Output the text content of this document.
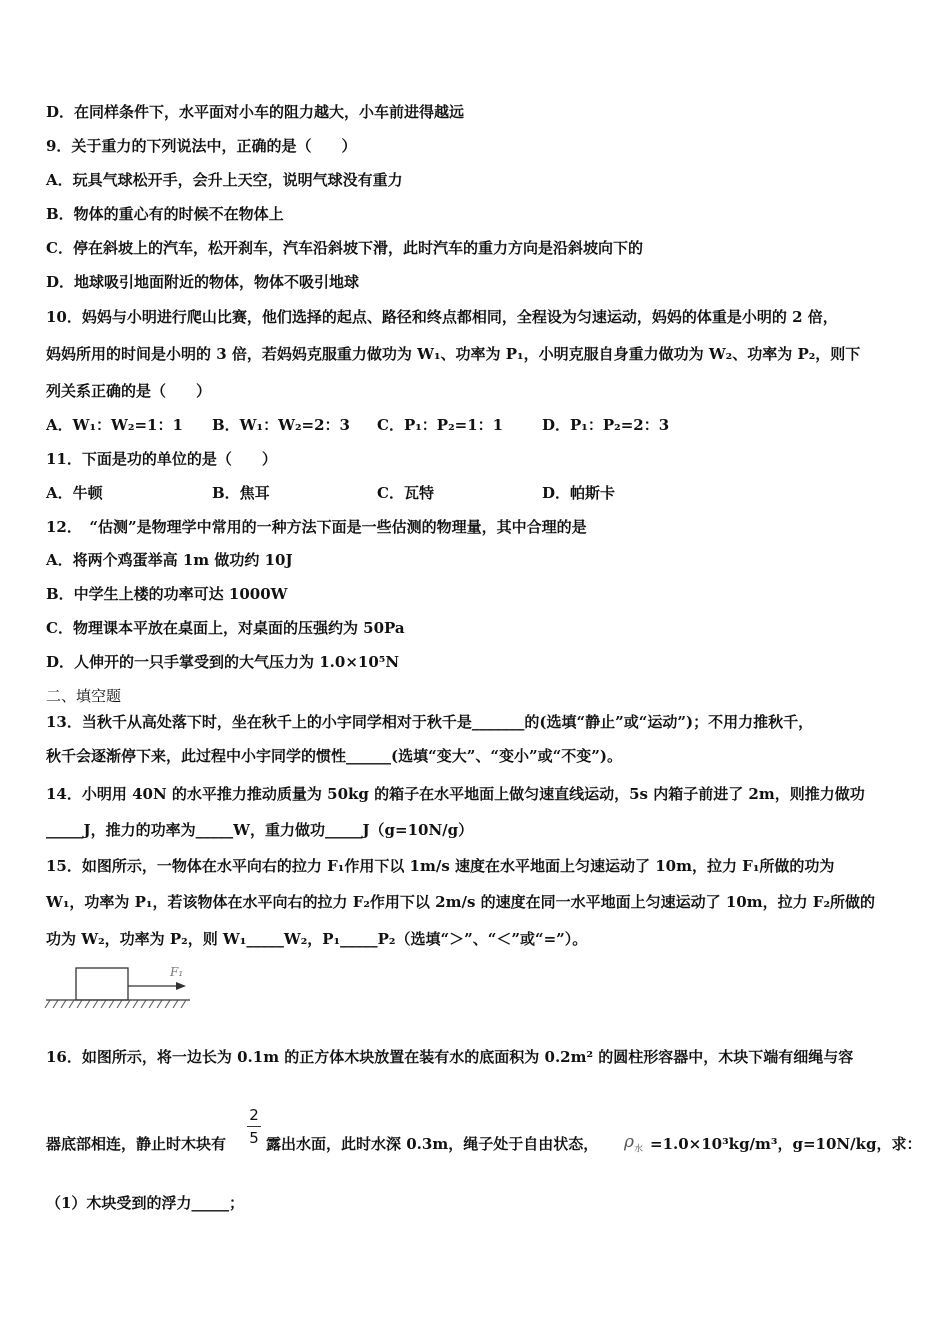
D．在同样条件下，水平面对小车的阻力越大，小车前进得越远
9．关于重力的下列说法中，正确的是（　　）
A．玩具气球松开手，会升上天空，说明气球没有重力
B．物体的重心有的时候不在物体上
C．停在斜坡上的汽车，松开刹车，汽车沿斜坡下滑，此时汽车的重力方向是沿斜坡向下的
D．地球吸引地面附近的物体，物体不吸引地球
10．妈妈与小明进行爬山比赛，他们选择的起点、路径和终点都相同，全程设为匀速运动，妈妈的体重是小明的 2 倍，
妈妈所用的时间是小明的 3 倍，若妈妈克服重力做功为 W₁、功率为 P₁，小明克服自身重力做功为 W₂、功率为 P₂，则下
列关系正确的是（　　）
A．W₁：W₂=1：1 B．W₁：W₂=2：3 C．P₁：P₂=1：1	D．P₁：P₂=2：3
11．下面是功的单位的是（　　）
A．牛顿	B．焦耳	C．瓦特	D．帕斯卡
12．　“估测”是物理学中常用的一种方法下面是一些估测的物理量，其中合理的是
A．将两个鸡蛋举高 1m 做功约 10J
B．中学生上楼的功率可达 1000W
C．物理课本平放在桌面上，对桌面的压强约为 50Pa
D．人伸开的一只手掌受到的大气压力为 1.0×10⁵N
二、填空题
13．当秋千从高处落下时，坐在秋千上的小宇同学相对于秋千是_______的(选填“静止”或“运动”)；不用力推秋千，
秋千会逐渐停下来，此过程中小宇同学的惯性______(选填“变大”、“变小”或“不变”)。
14．小明用 40N 的水平推力推动质量为 50kg 的箱子在水平地面上做匀速直线运动，5s 内箱子前进了 2m，则推力做功
_____J，推力的功率为_____W，重力做功_____J（g=10N/g）
15．如图所示，一物体在水平向右的拉力 F₁作用下以 1m/s 速度在水平地面上匀速运动了 10m，拉力 F₁所做的功为
W₁，功率为 P₁，若该物体在水平向右的拉力 F₂作用下以 2m/s 的速度在同一水平地面上匀速运动了 10m，拉力 F₂所做的
功为 W₂，功率为 P₂，则 W₁_____W₂，P₁_____P₂（选填“＞”、“＜”或“=”）。
F₁
16．如图所示，将一边长为 0.1m 的正方体木块放置在装有水的底面积为 0.2m² 的圆柱形容器中，木块下端有细绳与容
2
5
器底部相连，静止时木块有	露出水面，此时水深 0.3m，绳子处于自由状态， $\rho_水 =1.0\times 10^3kg/m^3$，g=10N/kg，求：
（1）木块受到的浮力_____；
